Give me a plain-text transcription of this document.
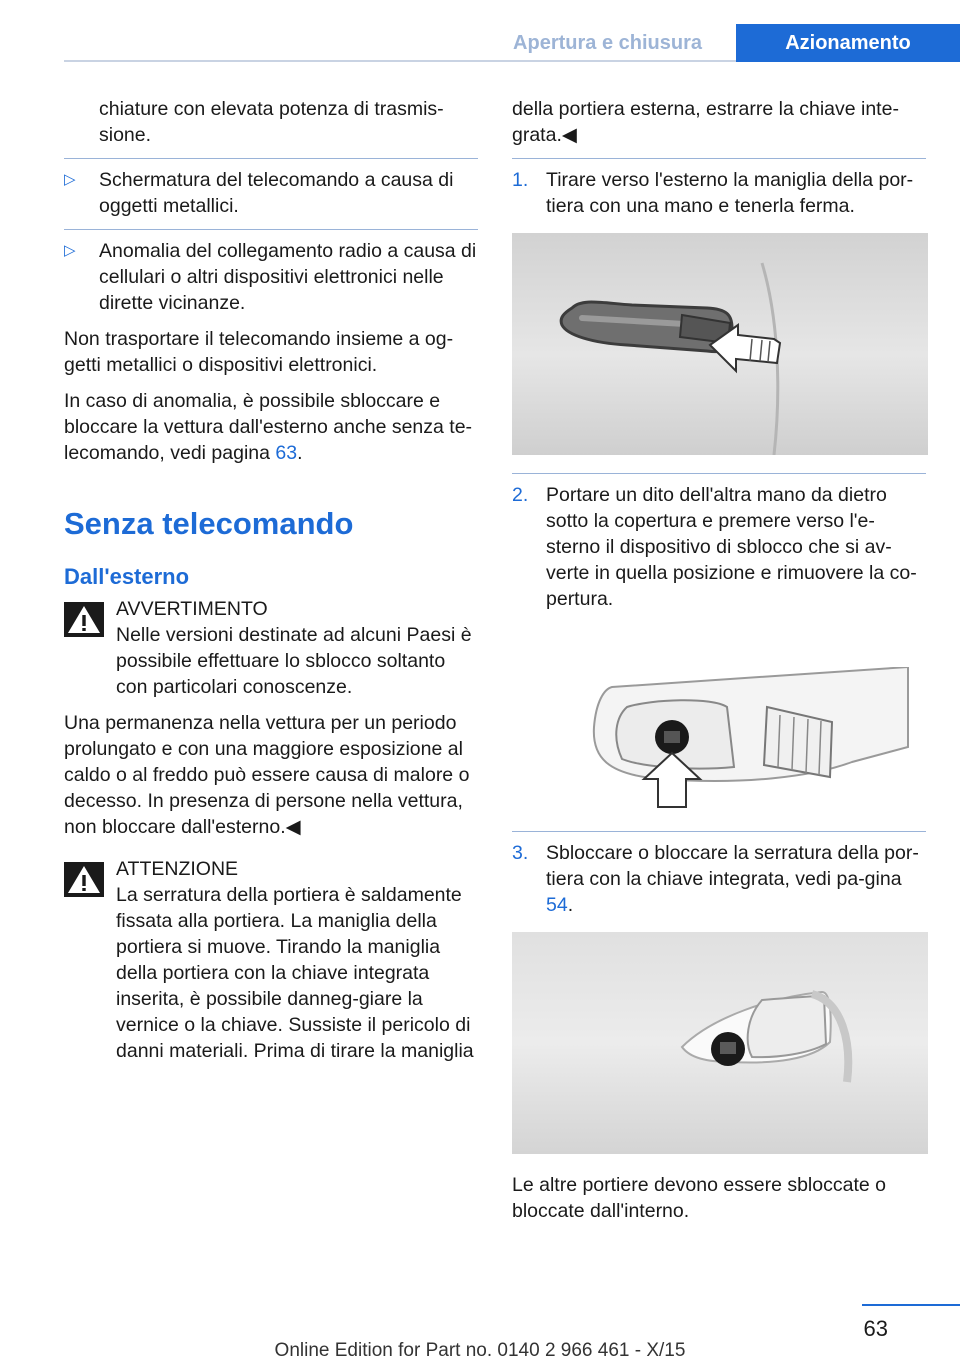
Apertura e chiusura	Azionamento

chiature con elevata potenza di trasmis-sione.

▷ Schermatura del telecomando a causa di oggetti metallici.
▷ Anomalia del collegamento radio a causa di cellulari o altri dispositivi elettronici nelle dirette vicinanze.

Non trasportare il telecomando insieme a og-getti metallici o dispositivi elettronici.

In caso di anomalia, è possibile sbloccare e bloccare la vettura dall'esterno anche senza te-lecomando, vedi pagina 63.

Senza telecomando
Dall'esterno
AVVERTIMENTO
Nelle versioni destinate ad alcuni Paesi è possibile effettuare lo sblocco soltanto con particolari conoscenze.

Una permanenza nella vettura per un periodo prolungato e con una maggiore esposizione al caldo o al freddo può essere causa di malore o decesso. In presenza di persone nella vettura, non bloccare dall'esterno.◀

ATTENZIONE
La serratura della portiera è saldamente fissata alla portiera. La maniglia della portiera si muove. Tirando la maniglia della portiera con la chiave integrata inserita, è possibile danneg-giare la vernice o la chiave. Sussiste il pericolo di danni materiali. Prima di tirare la maniglia

della portiera esterna, estrarre la chiave inte-grata.◀

1. Tirare verso l'esterno la maniglia della por-tiera con una mano e tenerla ferma.
2. Portare un dito dell'altra mano da dietro sotto la copertura e premere verso l'e-sterno il dispositivo di sblocco che si av-verte in quella posizione e rimuovere la co-pertura.
3. Sbloccare o bloccare la serratura della por-tiera con la chiave integrata, vedi pa-gina 54.

Le altre portiere devono essere sbloccate o bloccate dall'interno.

63
Online Edition for Part no. 0140 2 966 461 - X/15
